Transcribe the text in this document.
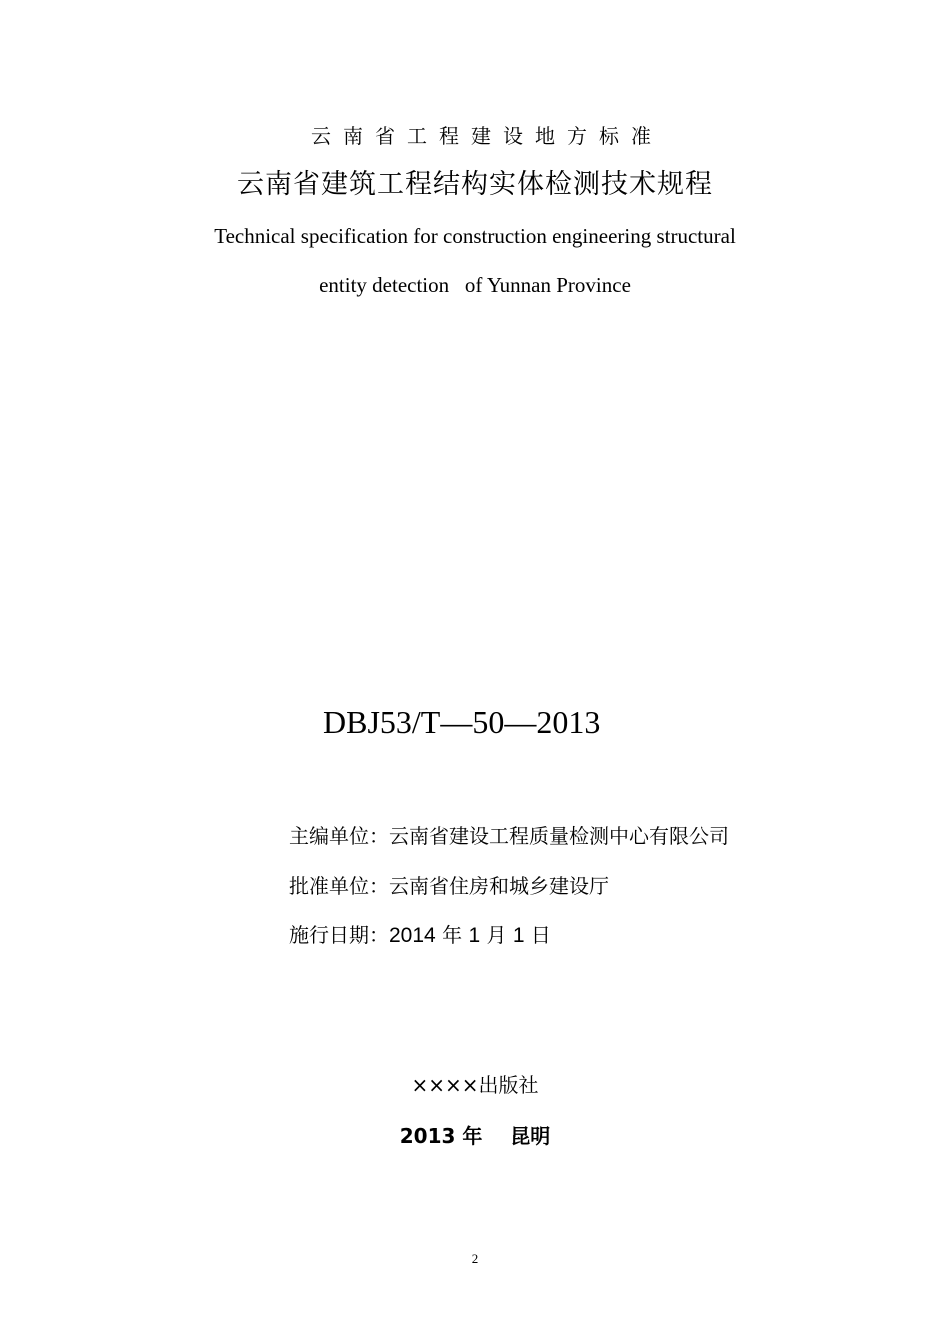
云南省工程建设地方标准
云南省建筑工程结构实体检测技术规程
Technical specification for construction engineering structural
entity detection   of Yunnan Province
DBJ53/T—50—2013
主编单位：云南省建设工程质量检测中心有限公司
批准单位：云南省住房和城乡建设厅
施行日期：2014 年 1 月 1 日
××××出版社
2013 年    昆明
2
